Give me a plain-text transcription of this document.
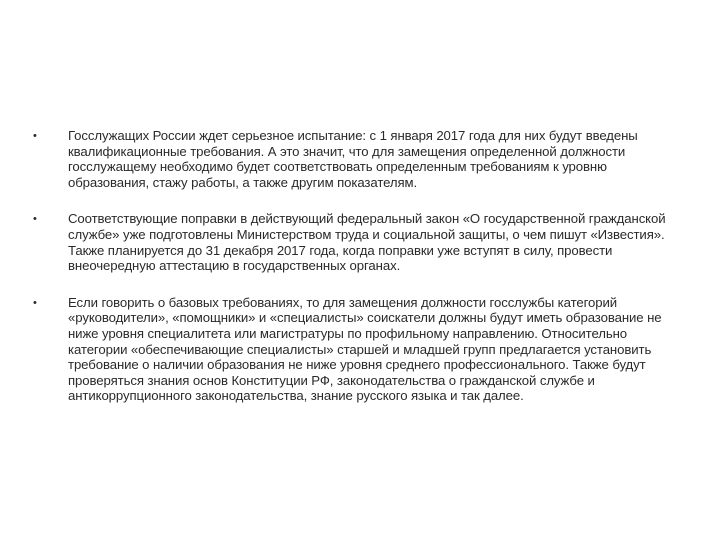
•	Госслужащих России ждет серьезное испытание: с 1 января 2017 года для них будут введены квалификационные требования. А это значит, что для замещения определенной должности госслужащему необходимо будет соответствовать определенным требованиям к уровню образования, стажу работы, а также другим показателям.
•	Соответствующие поправки в действующий федеральный закон «О государственной гражданской службе» уже подготовлены Министерством труда и социальной защиты, о чем пишут «Известия». Также планируется до 31 декабря 2017 года, когда поправки уже вступят в силу, провести внеочередную аттестацию в государственных органах.
•	Если говорить о базовых требованиях, то для замещения должности госслужбы категорий «руководители», «помощники» и «специалисты» соискатели должны будут иметь образование не ниже уровня специалитета или магистратуры по профильному направлению. Относительно категории «обеспечивающие специалисты» старшей и младшей групп предлагается установить требование о наличии образования не ниже уровня среднего профессионального. Также будут проверяться знания основ Конституции РФ, законодательства о гражданской службе и антикоррупционного законодательства, знание русского языка и так далее.
